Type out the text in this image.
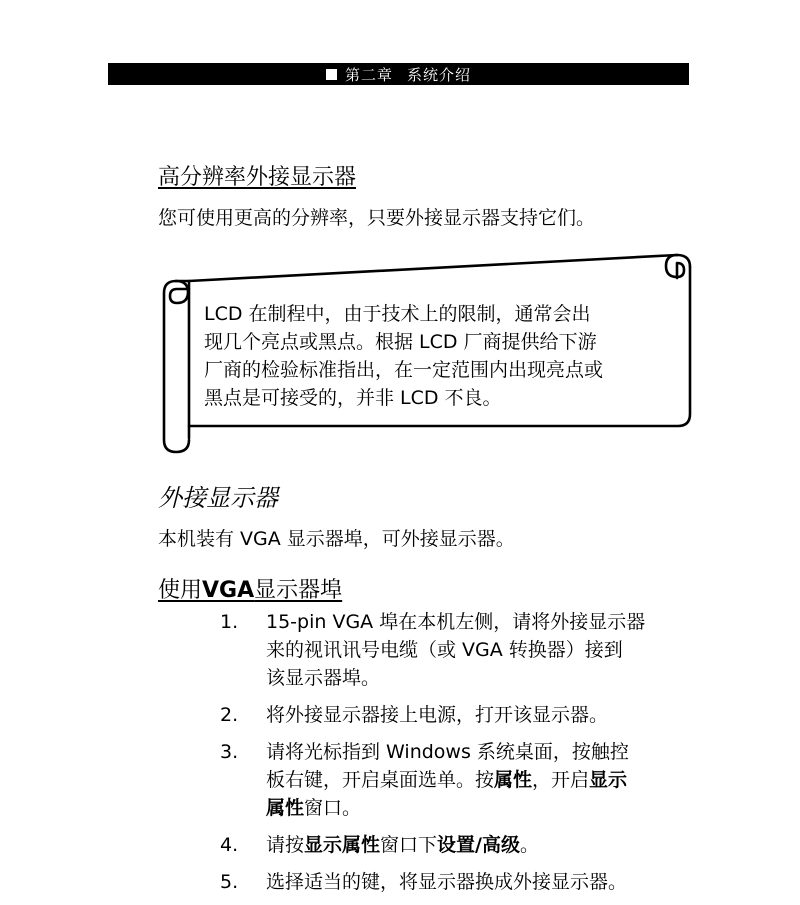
第二章 系统介绍
高分辨率外接显示器
您可使用更高的分辨率，只要外接显示器支持它们。
LCD 在制程中，由于技术上的限制，通常会出
现几个亮点或黑点。根据 LCD 厂商提供给下游
厂商的检验标准指出，在一定范围内出现亮点或
黑点是可接受的，并非 LCD 不良。
外接显示器
本机装有 VGA 显示器埠，可外接显示器。
使用VGA显示器埠
1. 15-pin VGA 埠在本机左侧，请将外接显示器
来的视讯讯号电缆（或 VGA 转换器）接到
该显示器埠。
2. 将外接显示器接上电源，打开该显示器。
3. 请将光标指到 Windows 系统桌面，按触控
板右键，开启桌面选单。按属性，开启显示
属性窗口。
4. 请按显示属性窗口下设置/高级。
5. 选择适当的键，将显示器换成外接显示器。
